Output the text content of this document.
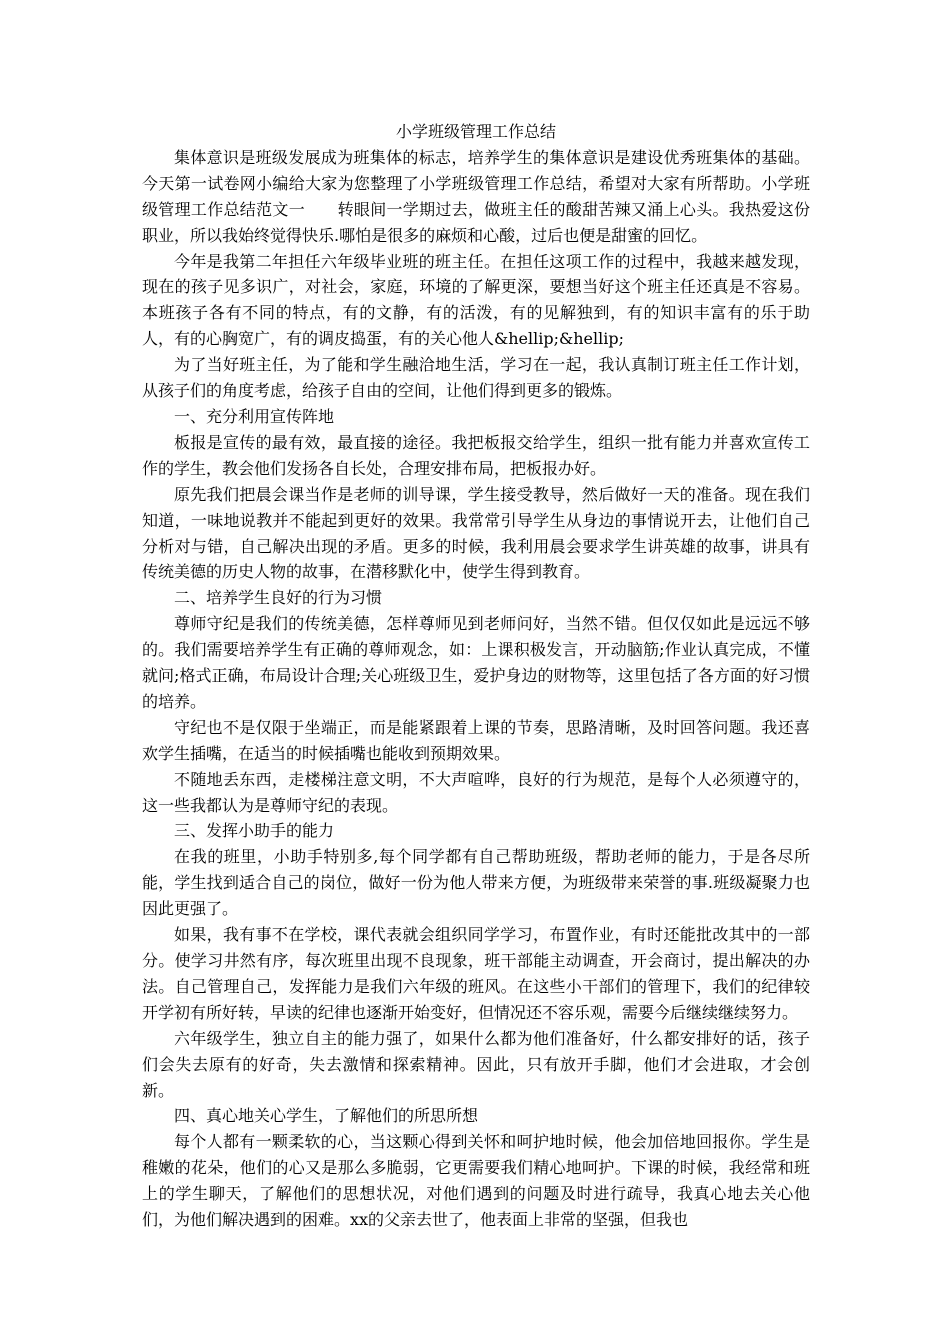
小学班级管理工作总结

集体意识是班级发展成为班集体的标志，培养学生的集体意识是建设优秀班集体的基础。今天第一试卷网小编给大家为您整理了小学班级管理工作总结，希望对大家有所帮助。小学班级管理工作总结范文一　　转眼间一学期过去，做班主任的酸甜苦辣又涌上心头。我热爱这份职业，所以我始终觉得快乐.哪怕是很多的麻烦和心酸，过后也便是甜蜜的回忆。

今年是我第二年担任六年级毕业班的班主任。在担任这项工作的过程中，我越来越发现，现在的孩子见多识广，对社会，家庭，环境的了解更深，要想当好这个班主任还真是不容易。本班孩子各有不同的特点，有的文静，有的活泼，有的见解独到，有的知识丰富有的乐于助人，有的心胸宽广，有的调皮捣蛋，有的关心他人&hellip;&hellip;

为了当好班主任，为了能和学生融洽地生活，学习在一起，我认真制订班主任工作计划，从孩子们的角度考虑，给孩子自由的空间，让他们得到更多的锻炼。

一、充分利用宣传阵地

板报是宣传的最有效，最直接的途径。我把板报交给学生，组织一批有能力并喜欢宣传工作的学生，教会他们发扬各自长处，合理安排布局，把板报办好。

原先我们把晨会课当作是老师的训导课，学生接受教导，然后做好一天的准备。现在我们知道，一味地说教并不能起到更好的效果。我常常引导学生从身边的事情说开去，让他们自己分析对与错，自己解决出现的矛盾。更多的时候，我利用晨会要求学生讲英雄的故事，讲具有传统美德的历史人物的故事，在潜移默化中，使学生得到教育。

二、培养学生良好的行为习惯

尊师守纪是我们的传统美德，怎样尊师见到老师问好，当然不错。但仅仅如此是远远不够的。我们需要培养学生有正确的尊师观念，如：上课积极发言，开动脑筋;作业认真完成，不懂就问;格式正确，布局设计合理;关心班级卫生，爱护身边的财物等，这里包括了各方面的好习惯的培养。

守纪也不是仅限于坐端正，而是能紧跟着上课的节奏，思路清晰，及时回答问题。我还喜欢学生插嘴，在适当的时候插嘴也能收到预期效果。

不随地丢东西，走楼梯注意文明，不大声喧哗，良好的行为规范，是每个人必须遵守的，这一些我都认为是尊师守纪的表现。

三、发挥小助手的能力

在我的班里，小助手特别多,每个同学都有自己帮助班级，帮助老师的能力，于是各尽所能，学生找到适合自己的岗位，做好一份为他人带来方便，为班级带来荣誉的事.班级凝聚力也因此更强了。

如果，我有事不在学校，课代表就会组织同学学习，布置作业，有时还能批改其中的一部分。使学习井然有序，每次班里出现不良现象，班干部能主动调查，开会商讨，提出解决的办法。自己管理自己，发挥能力是我们六年级的班风。在这些小干部们的管理下，我们的纪律较开学初有所好转，早读的纪律也逐渐开始变好，但情况还不容乐观，需要今后继续继续努力。

六年级学生，独立自主的能力强了，如果什么都为他们准备好，什么都安排好的话，孩子们会失去原有的好奇，失去激情和探索精神。因此，只有放开手脚，他们才会进取，才会创新。

四、真心地关心学生，了解他们的所思所想

每个人都有一颗柔软的心，当这颗心得到关怀和呵护地时候，他会加倍地回报你。学生是稚嫩的花朵，他们的心又是那么多脆弱，它更需要我们精心地呵护。下课的时候，我经常和班上的学生聊天，了解他们的思想状况，对他们遇到的问题及时进行疏导，我真心地去关心他们，为他们解决遇到的困难。xx的父亲去世了，他表面上非常的坚强，但我也
